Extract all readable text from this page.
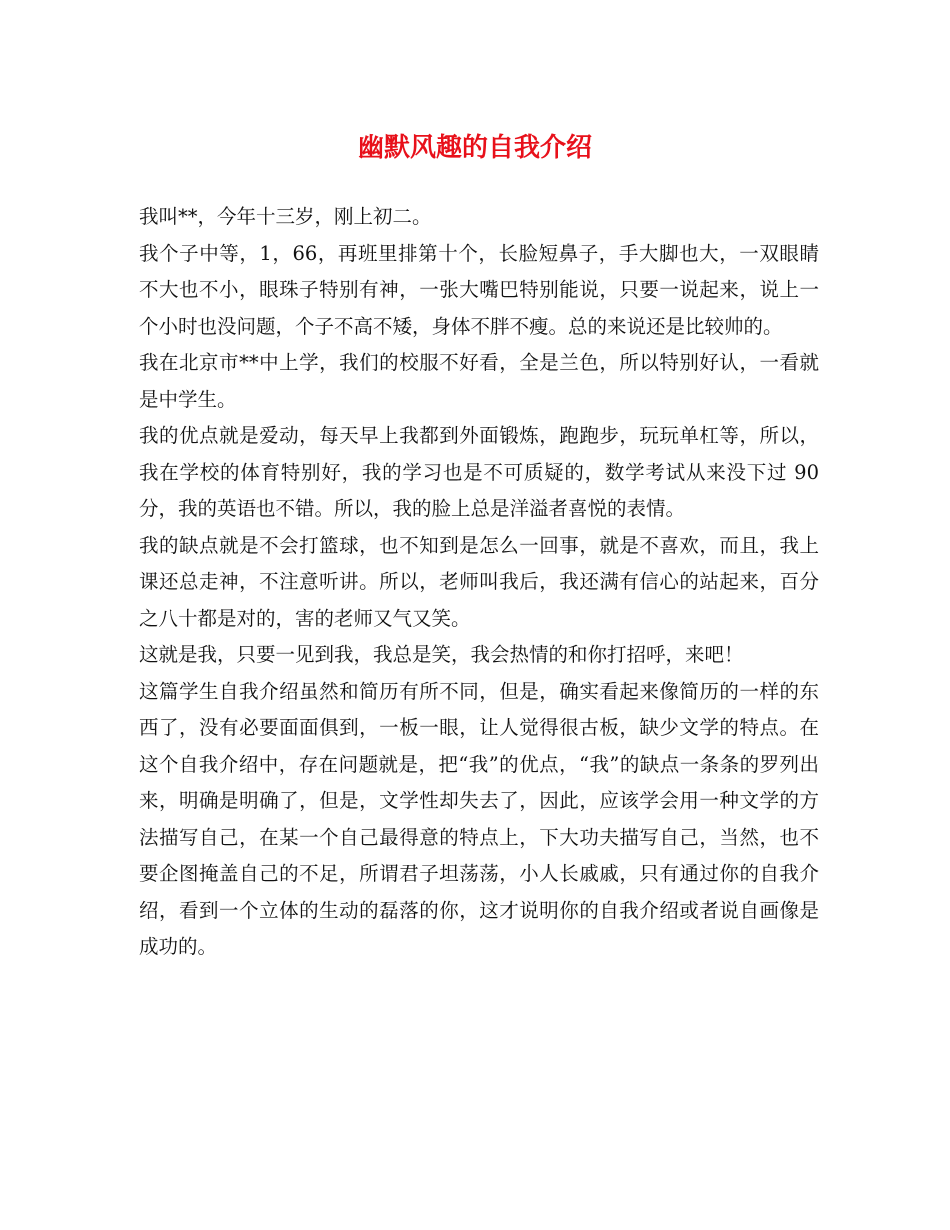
幽默风趣的自我介绍

我叫**，今年十三岁，刚上初二。

我个子中等，1，66，再班里排第十个，长脸短鼻子，手大脚也大，一双眼睛不大也不小，眼珠子特别有神，一张大嘴巴特别能说，只要一说起来，说上一个小时也没问题，个子不高不矮，身体不胖不瘦。总的来说还是比较帅的。

我在北京市**中上学，我们的校服不好看，全是兰色，所以特别好认，一看就是中学生。

我的优点就是爱动，每天早上我都到外面锻炼，跑跑步，玩玩单杠等，所以，我在学校的体育特别好，我的学习也是不可质疑的，数学考试从来没下过 90 分，我的英语也不错。所以，我的脸上总是洋溢者喜悦的表情。

我的缺点就是不会打篮球，也不知到是怎么一回事，就是不喜欢，而且，我上课还总走神，不注意听讲。所以，老师叫我后，我还满有信心的站起来，百分之八十都是对的，害的老师又气又笑。

这就是我，只要一见到我，我总是笑，我会热情的和你打招呼，来吧！

这篇学生自我介绍虽然和简历有所不同，但是，确实看起来像简历的一样的东西了，没有必要面面俱到，一板一眼，让人觉得很古板，缺少文学的特点。在这个自我介绍中，存在问题就是，把“我”的优点，“我”的缺点一条条的罗列出来，明确是明确了，但是，文学性却失去了，因此，应该学会用一种文学的方法描写自己，在某一个自己最得意的特点上，下大功夫描写自己，当然，也不要企图掩盖自己的不足，所谓君子坦荡荡，小人长戚戚，只有通过你的自我介绍，看到一个立体的生动的磊落的你，这才说明你的自我介绍或者说自画像是成功的。
